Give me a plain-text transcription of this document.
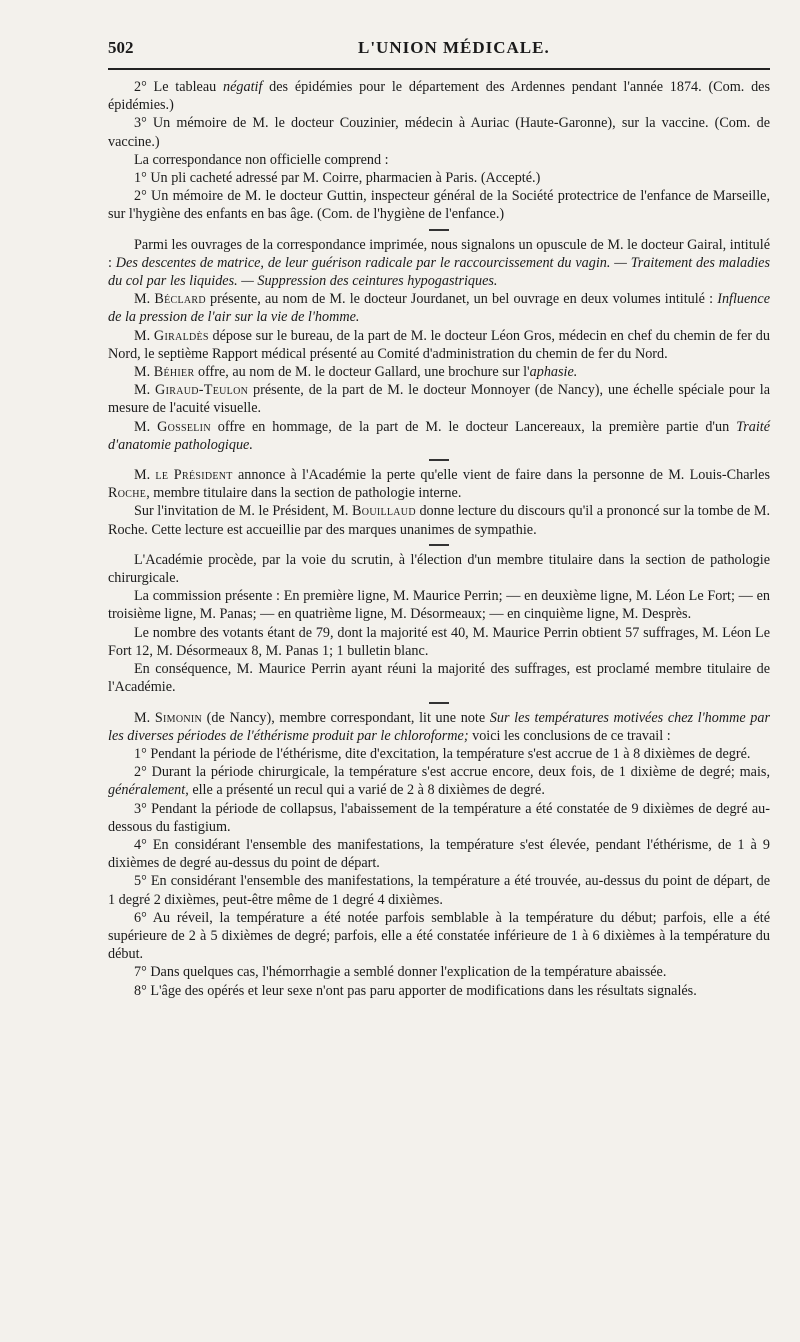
502	L'UNION MÉDICALE.

2° Le tableau négatif des épidémies pour le département des Ardennes pendant l'année 1874. (Com. des épidémies.)

3° Un mémoire de M. le docteur Couzinier, médecin à Auriac (Haute-Garonne), sur la vaccine. (Com. de vaccine.)

La correspondance non officielle comprend :

1° Un pli cacheté adressé par M. Coirre, pharmacien à Paris. (Accepté.)

2° Un mémoire de M. le docteur Guttin, inspecteur général de la Société protectrice de l'enfance de Marseille, sur l'hygiène des enfants en bas âge. (Com. de l'hygiène de l'enfance.)

Parmi les ouvrages de la correspondance imprimée, nous signalons un opuscule de M. le docteur Gairal, intitulé : Des descentes de matrice, de leur guérison radicale par le raccourcissement du vagin. — Traitement des maladies du col par les liquides. — Suppression des ceintures hypogastriques.

M. Béclard présente, au nom de M. le docteur Jourdanet, un bel ouvrage en deux volumes intitulé : Influence de la pression de l'air sur la vie de l'homme.

M. Giraldès dépose sur le bureau, de la part de M. le docteur Léon Gros, médecin en chef du chemin de fer du Nord, le septième Rapport médical présenté au Comité d'administration du chemin de fer du Nord.

M. Béhier offre, au nom de M. le docteur Gallard, une brochure sur l'aphasie.

M. Giraud-Teulon présente, de la part de M. le docteur Monnoyer (de Nancy), une échelle spéciale pour la mesure de l'acuité visuelle.

M. Gosselin offre en hommage, de la part de M. le docteur Lancereaux, la première partie d'un Traité d'anatomie pathologique.

M. le Président annonce à l'Académie la perte qu'elle vient de faire dans la personne de M. Louis-Charles Roche, membre titulaire dans la section de pathologie interne.

Sur l'invitation de M. le Président, M. Bouillaud donne lecture du discours qu'il a prononcé sur la tombe de M. Roche. Cette lecture est accueillie par des marques unanimes de sympathie.

L'Académie procède, par la voie du scrutin, à l'élection d'un membre titulaire dans la section de pathologie chirurgicale.

La commission présente : En première ligne, M. Maurice Perrin; — en deuxième ligne, M. Léon Le Fort; — en troisième ligne, M. Panas; — en quatrième ligne, M. Désormeaux; — en cinquième ligne, M. Desprès.

Le nombre des votants étant de 79, dont la majorité est 40, M. Maurice Perrin obtient 57 suffrages, M. Léon Le Fort 12, M. Désormeaux 8, M. Panas 1; 1 bulletin blanc.

En conséquence, M. Maurice Perrin ayant réuni la majorité des suffrages, est proclamé membre titulaire de l'Académie.

M. Simonin (de Nancy), membre correspondant, lit une note Sur les températures motivées chez l'homme par les diverses périodes de l'éthérisme produit par le chloroforme; voici les conclusions de ce travail :

1° Pendant la période de l'éthérisme, dite d'excitation, la température s'est accrue de 1 à 8 dixièmes de degré.

2° Durant la période chirurgicale, la température s'est accrue encore, deux fois, de 1 dixième de degré; mais, généralement, elle a présenté un recul qui a varié de 2 à 8 dixièmes de degré.

3° Pendant la période de collapsus, l'abaissement de la température a été constatée de 9 dixièmes de degré au-dessous du fastigium.

4° En considérant l'ensemble des manifestations, la température s'est élevée, pendant l'éthérisme, de 1 à 9 dixièmes de degré au-dessus du point de départ.

5° En considérant l'ensemble des manifestations, la température a été trouvée, au-dessus du point de départ, de 1 degré 2 dixièmes, peut-être même de 1 degré 4 dixièmes.

6° Au réveil, la température a été notée parfois semblable à la température du début; parfois, elle a été supérieure de 2 à 5 dixièmes de degré; parfois, elle a été constatée inférieure de 1 à 6 dixièmes à la température du début.

7° Dans quelques cas, l'hémorrhagie a semblé donner l'explication de la température abaissée.

8° L'âge des opérés et leur sexe n'ont pas paru apporter de modifications dans les résultats signalés.
